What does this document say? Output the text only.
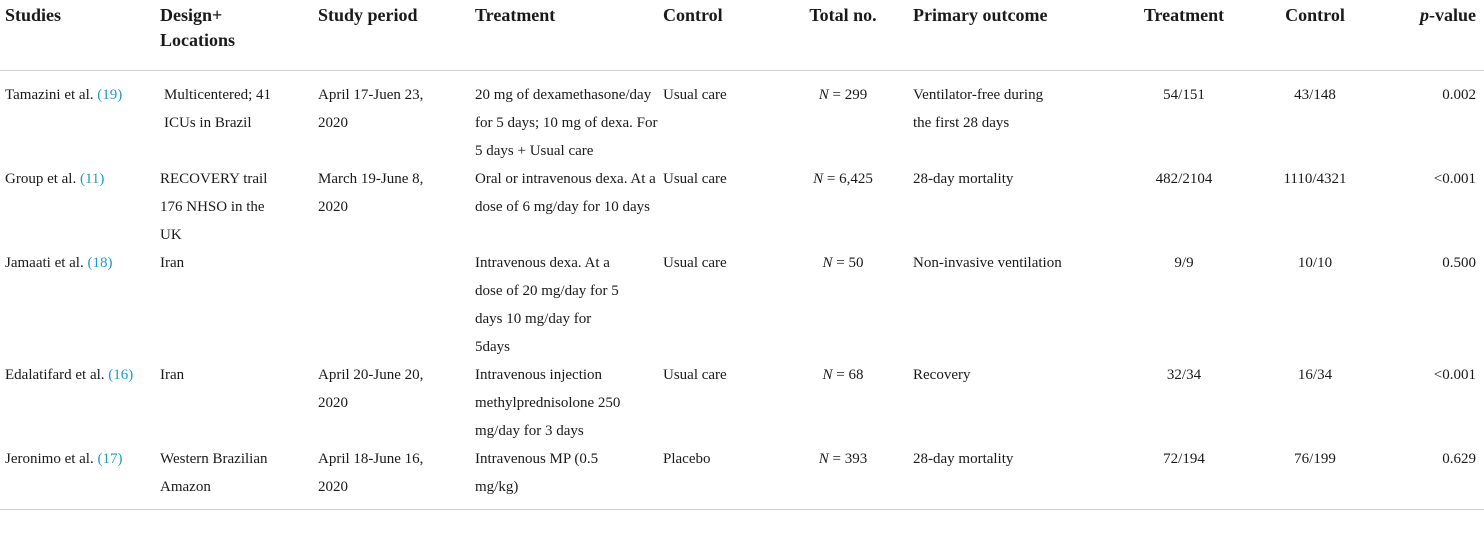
Studies	Design+ Locations	Study period	Treatment	Control	Total no.	Primary outcome	Treatment	Control	p-value
Tamazini et al. (19)	Multicentered; 41 ICUs in Brazil	April 17-Juen 23, 2020	20 mg of dexamethasone/day for 5 days; 10 mg of dexa. For 5 days + Usual care	Usual care	N = 299	Ventilator-free during the first 28 days	54/151	43/148	0.002
Group et al. (11)	RECOVERY trail 176 NHSO in the UK	March 19-June 8, 2020	Oral or intravenous dexa. At a dose of 6 mg/day for 10 days	Usual care	N = 6,425	28-day mortality	482/2104	1110/4321	<0.001
Jamaati et al. (18)	Iran		Intravenous dexa. At a dose of 20 mg/day for 5 days 10 mg/day for 5days	Usual care	N = 50	Non-invasive ventilation	9/9	10/10	0.500
Edalatifard et al. (16)	Iran	April 20-June 20, 2020	Intravenous injection methylprednisolone 250 mg/day for 3 days	Usual care	N = 68	Recovery	32/34	16/34	<0.001
Jeronimo et al. (17)	Western Brazilian Amazon	April 18-June 16, 2020	Intravenous MP (0.5 mg/kg)	Placebo	N = 393	28-day mortality	72/194	76/199	0.629
